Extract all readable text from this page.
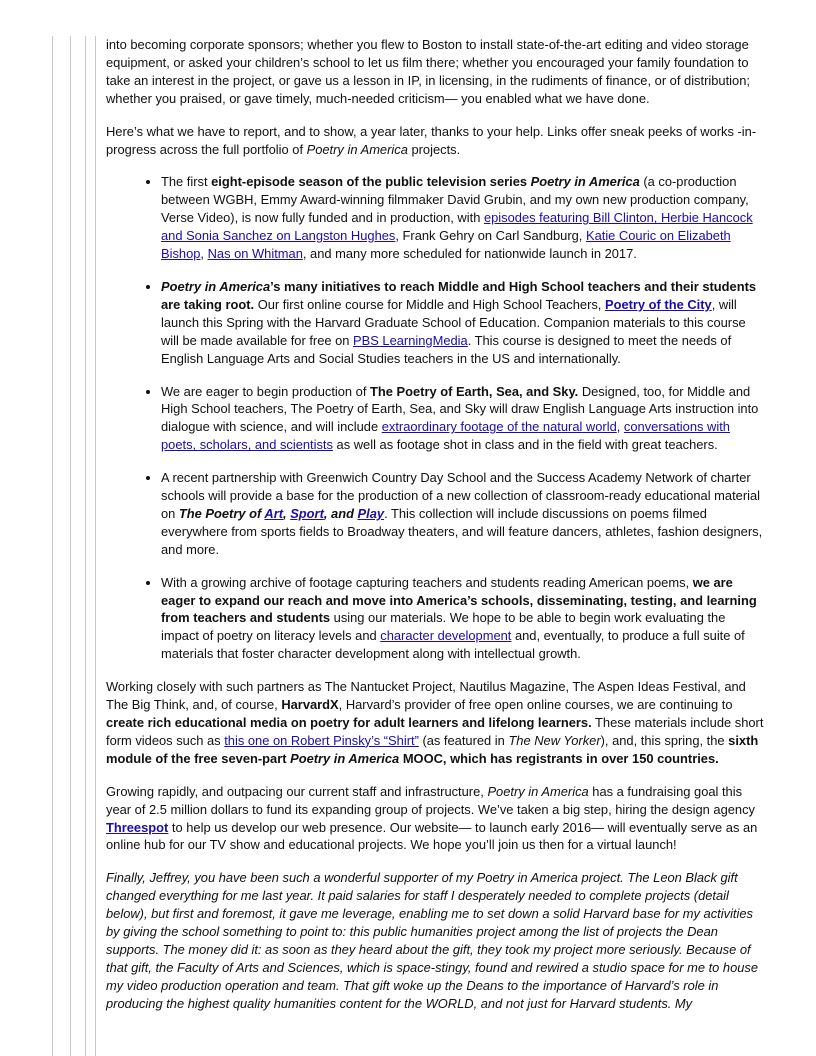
into becoming corporate sponsors; whether you flew to Boston to install state-of-the-art editing and video storage equipment, or asked your children’s school to let us film there; whether you encouraged your family foundation to take an interest in the project, or gave us a lesson in IP, in licensing, in the rudiments of finance, or of distribution; whether you praised, or gave timely, much-needed criticism— you enabled what we have done.

Here’s what we have to report, and to show, a year later, thanks to your help. Links offer sneak peeks of works -in-progress across the full portfolio of Poetry in America projects.

• The first eight-episode season of the public television series Poetry in America (a co-production between WGBH, Emmy Award-winning filmmaker David Grubin, and my own new production company, Verse Video), is now fully funded and in production, with episodes featuring Bill Clinton, Herbie Hancock and Sonia Sanchez on Langston Hughes, Frank Gehry on Carl Sandburg, Katie Couric on Elizabeth Bishop, Nas on Whitman, and many more scheduled for nationwide launch in 2017.
• Poetry in America’s many initiatives to reach Middle and High School teachers and their students are taking root. Our first online course for Middle and High School Teachers, Poetry of the City, will launch this Spring with the Harvard Graduate School of Education. Companion materials to this course will be made available for free on PBS LearningMedia. This course is designed to meet the needs of English Language Arts and Social Studies teachers in the US and internationally.
• We are eager to begin production of The Poetry of Earth, Sea, and Sky. Designed, too, for Middle and High School teachers, The Poetry of Earth, Sea, and Sky will draw English Language Arts instruction into dialogue with science, and will include extraordinary footage of the natural world, conversations with poets, scholars, and scientists as well as footage shot in class and in the field with great teachers.
• A recent partnership with Greenwich Country Day School and the Success Academy Network of charter schools will provide a base for the production of a new collection of classroom-ready educational material on The Poetry of Art, Sport, and Play. This collection will include discussions on poems filmed everywhere from sports fields to Broadway theaters, and will feature dancers, athletes, fashion designers, and more.
• With a growing archive of footage capturing teachers and students reading American poems, we are eager to expand our reach and move into America’s schools, disseminating, testing, and learning from teachers and students using our materials. We hope to be able to begin work evaluating the impact of poetry on literacy levels and character development and, eventually, to produce a full suite of materials that foster character development along with intellectual growth.

Working closely with such partners as The Nantucket Project, Nautilus Magazine, The Aspen Ideas Festival, and The Big Think, and, of course, HarvardX, Harvard’s provider of free open online courses, we are continuing to create rich educational media on poetry for adult learners and lifelong learners. These materials include short form videos such as this one on Robert Pinsky’s “Shirt” (as featured in The New Yorker), and, this spring, the sixth module of the free seven-part Poetry in America MOOC, which has registrants in over 150 countries.

Growing rapidly, and outpacing our current staff and infrastructure, Poetry in America has a fundraising goal this year of 2.5 million dollars to fund its expanding group of projects. We’ve taken a big step, hiring the design agency Threespot to help us develop our web presence. Our website— to launch early 2016— will eventually serve as an online hub for our TV show and educational projects. We hope you’ll join us then for a virtual launch!

Finally, Jeffrey, you have been such a wonderful supporter of my Poetry in America project. The Leon Black gift changed everything for me last year. It paid salaries for staff I desperately needed to complete projects (detail below), but first and foremost, it gave me leverage, enabling me to set down a solid Harvard base for my activities by giving the school something to point to: this public humanities project among the list of projects the Dean supports. The money did it: as soon as they heard about the gift, they took my project more seriously. Because of that gift, the Faculty of Arts and Sciences, which is space-stingy, found and rewired a studio space for me to house my video production operation and team. That gift woke up the Deans to the importance of Harvard’s role in producing the highest quality humanities content for the WORLD, and not just for Harvard students. My
